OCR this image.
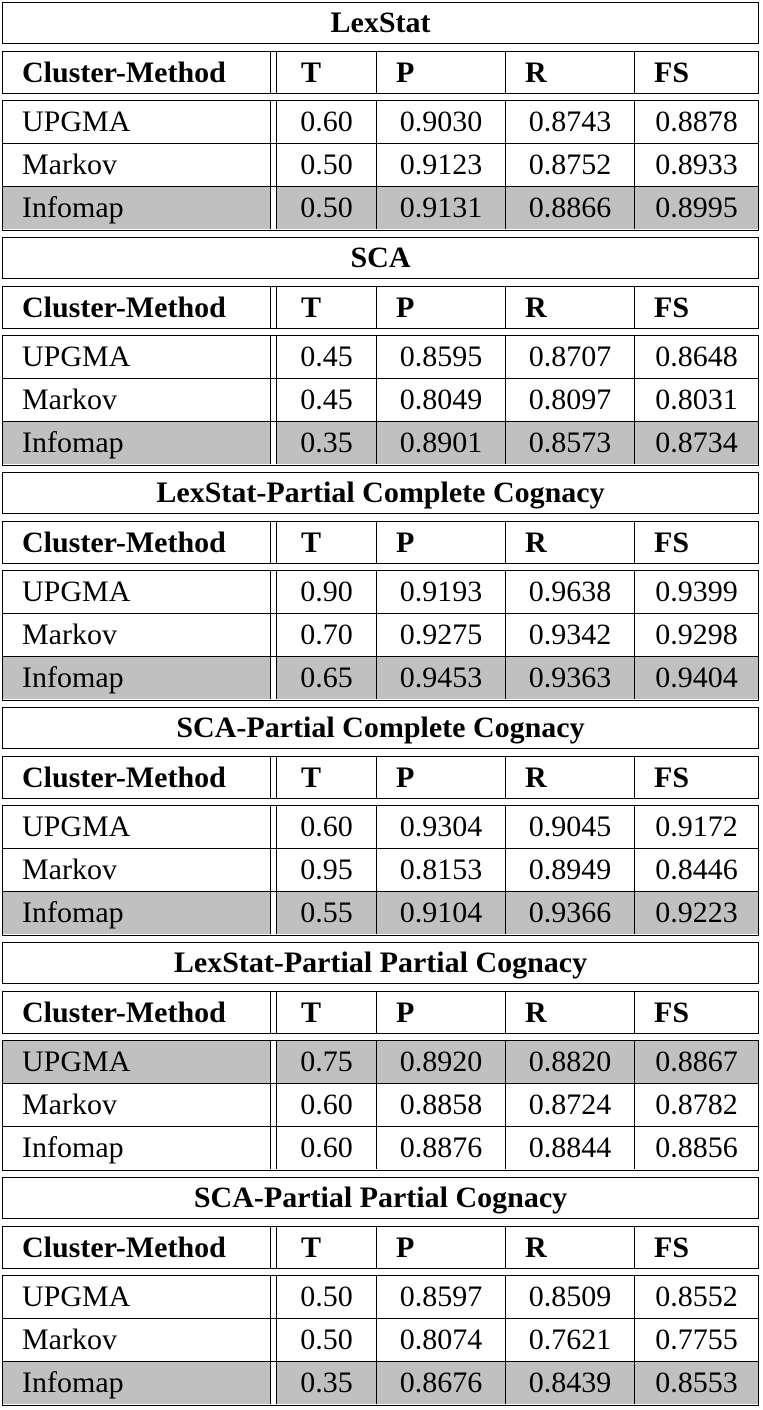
LexStat
Cluster-Method	T	P	R	FS
UPGMA	0.60	0.9030	0.8743	0.8878
Markov	0.50	0.9123	0.8752	0.8933
Infomap	0.50	0.9131	0.8866	0.8995
SCA
Cluster-Method	T	P	R	FS
UPGMA	0.45	0.8595	0.8707	0.8648
Markov	0.45	0.8049	0.8097	0.8031
Infomap	0.35	0.8901	0.8573	0.8734
LexStat-Partial Complete Cognacy
Cluster-Method	T	P	R	FS
UPGMA	0.90	0.9193	0.9638	0.9399
Markov	0.70	0.9275	0.9342	0.9298
Infomap	0.65	0.9453	0.9363	0.9404
SCA-Partial Complete Cognacy
Cluster-Method	T	P	R	FS
UPGMA	0.60	0.9304	0.9045	0.9172
Markov	0.95	0.8153	0.8949	0.8446
Infomap	0.55	0.9104	0.9366	0.9223
LexStat-Partial Partial Cognacy
Cluster-Method	T	P	R	FS
UPGMA	0.75	0.8920	0.8820	0.8867
Markov	0.60	0.8858	0.8724	0.8782
Infomap	0.60	0.8876	0.8844	0.8856
SCA-Partial Partial Cognacy
Cluster-Method	T	P	R	FS
UPGMA	0.50	0.8597	0.8509	0.8552
Markov	0.50	0.8074	0.7621	0.7755
Infomap	0.35	0.8676	0.8439	0.8553
